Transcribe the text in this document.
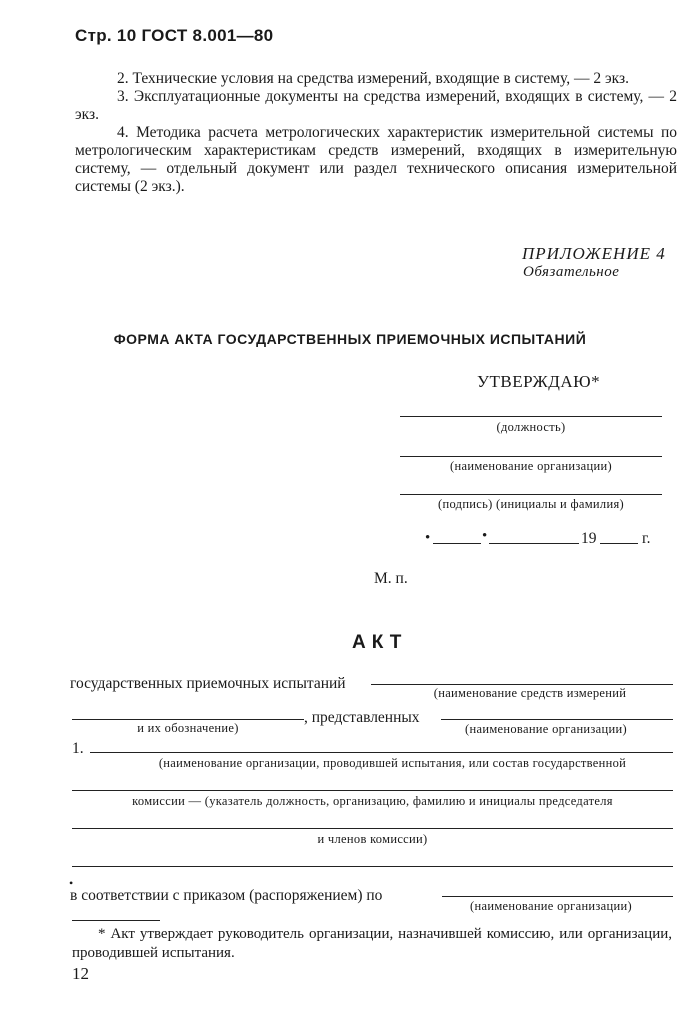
Стр. 10 ГОСТ 8.001—80

2. Технические условия на средства измерений, входящие в систему, — 2 экз.

3. Эксплуатационные документы на средства измерений, входящих в систему, — 2 экз.

4. Методика расчета метрологических характеристик измерительной системы по метрологическим характеристикам средств измерений, входящих в измерительную систему, — отдельный документ или раздел технического описания измерительной системы (2 экз.).

ПРИЛОЖЕНИЕ 4
Обязательное
ФОРМА АКТА ГОСУДАРСТВЕННЫХ ПРИЕМОЧНЫХ ИСПЫТАНИЙ
УТВЕРЖДАЮ*
(должность)
(наименование организации)
(подпись) (инициалы и фамилия)
•	•	19	г.
М. п.
АКТ
государственных приемочных испытаний
(наименование средств измерений
, представленных
и их обозначение)	(наименование организации)
1.
(наименование организации, проводившей испытания, или состав государственной
комиссии — (указатель должность, организацию, фамилию и инициалы председателя
и членов комиссии)
•
в соответствии с приказом (распоряжением) по
(наименование организации)
* Акт утверждает руководитель организации, назначившей комиссию, или организации, проводившей испытания.
12
